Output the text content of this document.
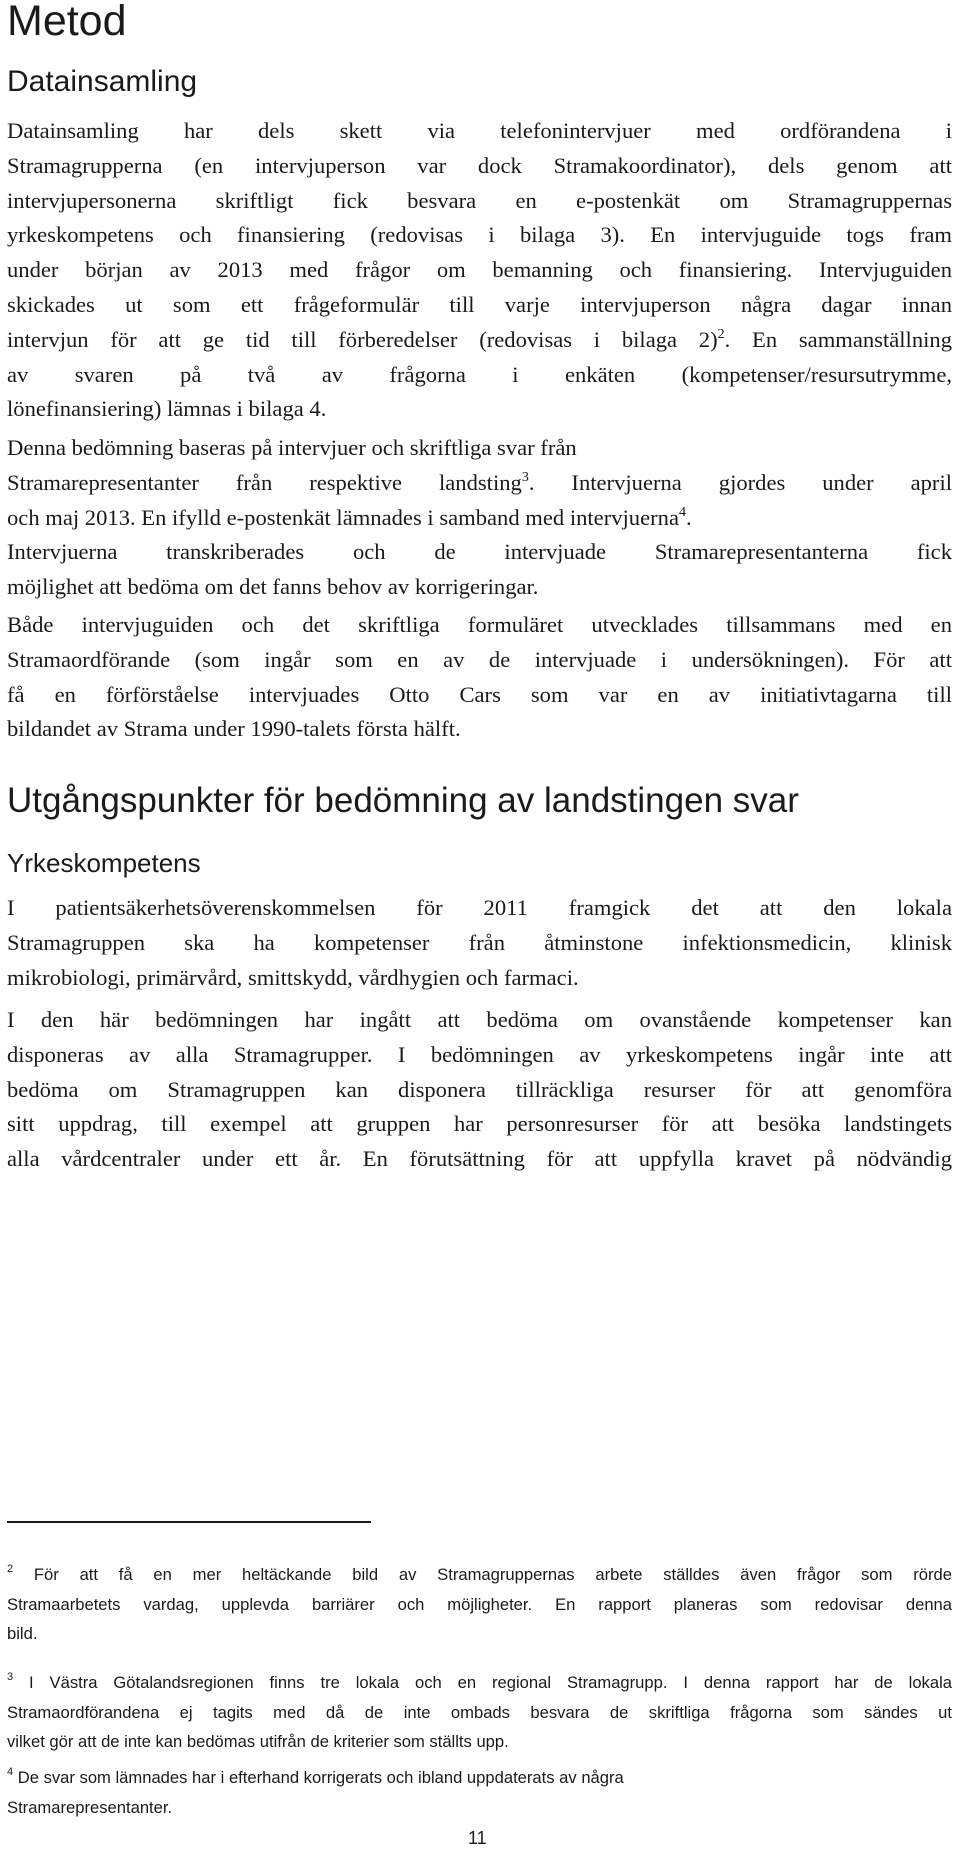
Metod
Datainsamling
Datainsamling har dels skett via telefonintervjuer med ordförandena i
Stramagrupperna (en intervjuperson var dock Stramakoordinator), dels genom att
intervjupersonerna skriftligt fick besvara en e-postenkät om Stramagruppernas
yrkeskompetens och finansiering (redovisas i bilaga 3). En intervjuguide togs fram
under början av 2013 med frågor om bemanning och finansiering. Intervjuguiden
skickades ut som ett frågeformulär till varje intervjuperson några dagar innan
intervjun för att ge tid till förberedelser (redovisas i bilaga 2)$^2$. En sammanställning
av svaren på två av frågorna i enkäten (kompetenser/resursutrymme,
lönefinansiering) lämnas i bilaga 4.
Denna bedömning baseras på intervjuer och skriftliga svar från
Stramarepresentanter från respektive landsting$^3$. Intervjuerna gjordes under april
och maj 2013. En ifylld e-postenkät lämnades i samband med intervjuerna$^4$.
Intervjuerna transkriberades och de intervjuade Stramarepresentanterna fick
möjlighet att bedöma om det fanns behov av korrigeringar.
Både intervjuguiden och det skriftliga formuläret utvecklades tillsammans med en
Stramaordförande (som ingår som en av de intervjuade i undersökningen). För att
få en förförståelse intervjuades Otto Cars som var en av initiativtagarna till
bildandet av Strama under 1990-talets första hälft.
Utgångspunkter för bedömning av landstingen svar
Yrkeskompetens
I patientsäkerhetsöverenskommelsen för 2011 framgick det att den lokala
Stramagruppen ska ha kompetenser från åtminstone infektionsmedicin, klinisk
mikrobiologi, primärvård, smittskydd, vårdhygien och farmaci.
I den här bedömningen har ingått att bedöma om ovanstående kompetenser kan
disponeras av alla Stramagrupper. I bedömningen av yrkeskompetens ingår inte att
bedöma om Stramagruppen kan disponera tillräckliga resurser för att genomföra
sitt uppdrag, till exempel att gruppen har personresurser för att besöka landstingets
alla vårdcentraler under ett år. En förutsättning för att uppfylla kravet på nödvändig
$^2$ För att få en mer heltäckande bild av Stramagruppernas arbete ställdes även frågor som rörde
Stramaarbetets vardag, upplevda barriärer och möjligheter. En rapport planeras som redovisar denna
bild.
$^3$ I Västra Götalandsregionen finns tre lokala och en regional Stramagrupp. I denna rapport har de lokala
Stramaordförandena ej tagits med då de inte ombads besvara de skriftliga frågorna som sändes ut
vilket gör att de inte kan bedömas utifrån de kriterier som ställts upp.
$^4$ De svar som lämnades har i efterhand korrigerats och ibland uppdaterats av några
Stramarepresentanter.
11
